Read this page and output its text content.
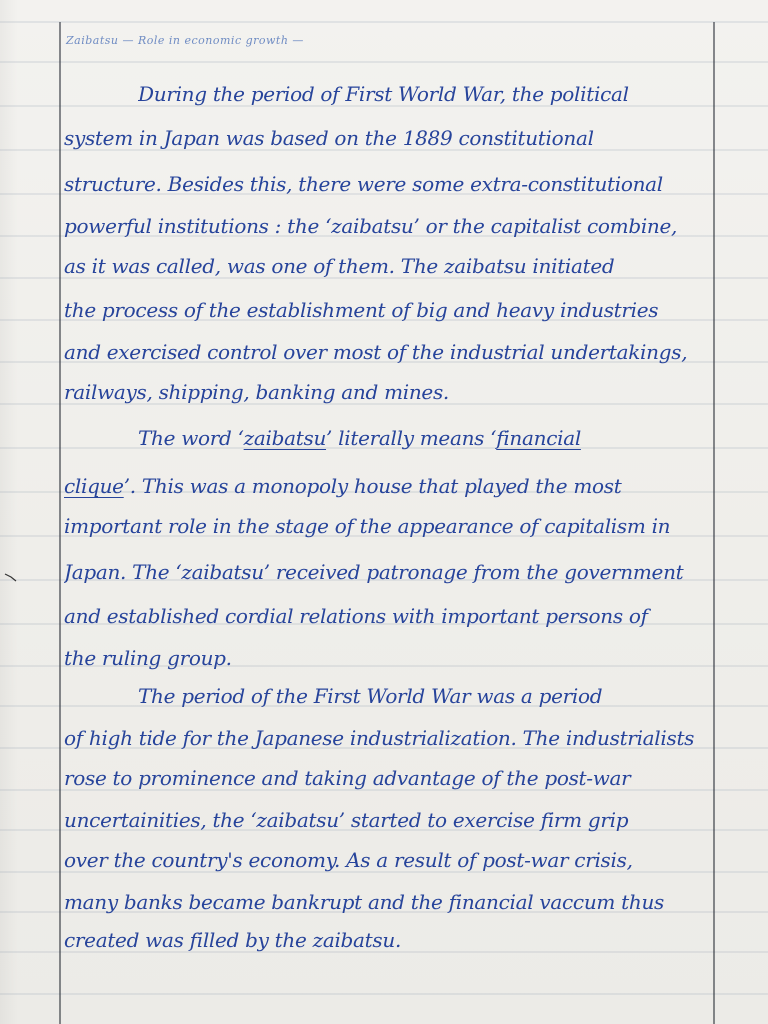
Zaibatsu — Role in economic growth —
During the period of First World War, the political
system in Japan was based on the 1889 constitutional
structure. Besides this, there were some extra-constitutional
powerful institutions : the ‘zaibatsu’ or the capitalist combine,
as it was called, was one of them. The zaibatsu initiated
the process of the establishment of big and heavy industries
and exercised control over most of the industrial undertakings,
railways, shipping, banking and mines.
The word ‘zaibatsu’ literally means ‘financial
clique’. This was a monopoly house that played the most
important role in the stage of the appearance of capitalism in
Japan. The ‘zaibatsu’ received patronage from the government
and established cordial relations with important persons of
the ruling group.
The period of the First World War was a period
of high tide for the Japanese industrialization. The industrialists
rose to prominence and taking advantage of the post-war
uncertainities, the ‘zaibatsu’ started to exercise firm grip
over the country's economy. As a result of post-war crisis,
many banks became bankrupt and the financial vaccum thus
created was filled by the zaibatsu.
